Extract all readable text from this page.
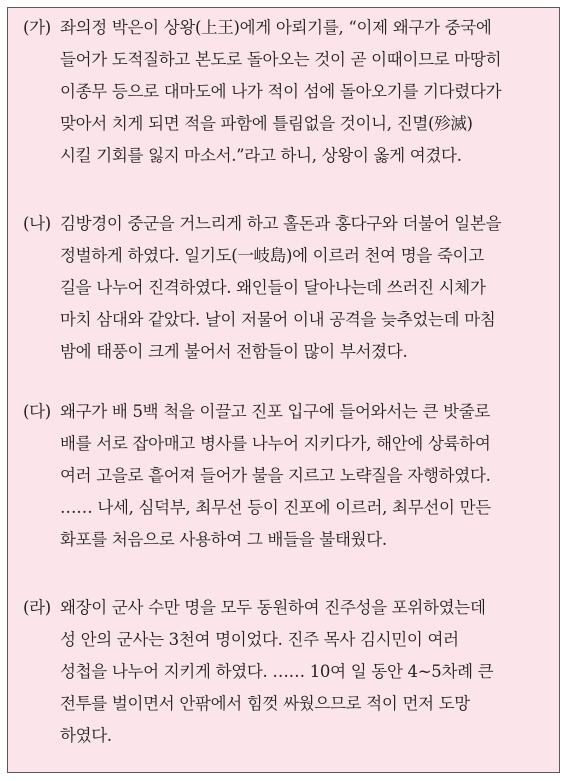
(가) 좌의정 박은이 상왕(上王)에게 아뢰기를, “이제 왜구가 중국에
들어가 도적질하고 본도로 돌아오는 것이 곧 이때이므로 마땅히
이종무 등으로 대마도에 나가 적이 섬에 돌아오기를 기다렸다가
맞아서 치게 되면 적을 파함에 틀림없을 것이니, 진멸(殄滅)
시킬 기회를 잃지 마소서.”라고 하니, 상왕이 옳게 여겼다.
(나) 김방경이 중군을 거느리게 하고 홀돈과 홍다구와 더불어 일본을
정벌하게 하였다. 일기도(一岐島)에 이르러 천여 명을 죽이고
길을 나누어 진격하였다. 왜인들이 달아나는데 쓰러진 시체가
마치 삼대와 같았다. 날이 저물어 이내 공격을 늦추었는데 마침
밤에 태풍이 크게 불어서 전함들이 많이 부서졌다.
(다) 왜구가 배 5백 척을 이끌고 진포 입구에 들어와서는 큰 밧줄로
배를 서로 잡아매고 병사를 나누어 지키다가, 해안에 상륙하여
여러 고을로 흩어져 들어가 불을 지르고 노략질을 자행하였다.
…… 나세, 심덕부, 최무선 등이 진포에 이르러, 최무선이 만든
화포를 처음으로 사용하여 그 배들을 불태웠다.
(라) 왜장이 군사 수만 명을 모두 동원하여 진주성을 포위하였는데
성 안의 군사는 3천여 명이었다. 진주 목사 김시민이 여러
성첩을 나누어 지키게 하였다. …… 10여 일 동안 4~5차례 큰
전투를 벌이면서 안팎에서 힘껏 싸웠으므로 적이 먼저 도망
하였다.
